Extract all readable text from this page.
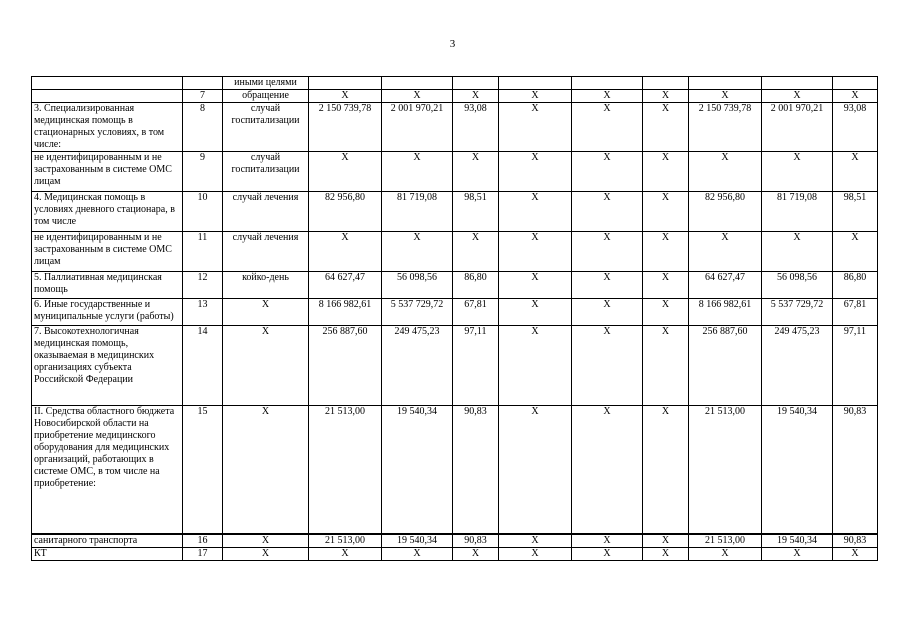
3
		иными целями									
	7	обращение	Х	Х	Х	Х	Х	Х	Х	Х	Х
3. Специализированная медицинская помощь в стационарных условиях, в том числе:	8	случай госпитализации	2 150 739,78	2 001 970,21	93,08	Х	Х	Х	2 150 739,78	2 001 970,21	93,08
не идентифицированным и не застрахованным в системе ОМС лицам	9	случай госпитализации	Х	Х	Х	Х	Х	Х	Х	Х	Х
4. Медицинская помощь в условиях дневного стационара, в том числе	10	случай лечения	82 956,80	81 719,08	98,51	Х	Х	Х	82 956,80	81 719,08	98,51
не идентифицированным и не застрахованным в системе ОМС лицам	11	случай лечения	Х	Х	Х	Х	Х	Х	Х	Х	Х
5. Паллиативная медицинская помощь	12	койко-день	64 627,47	56 098,56	86,80	Х	Х	Х	64 627,47	56 098,56	86,80
6. Иные государственные и муниципальные услуги (работы)	13	Х	8 166 982,61	5 537 729,72	67,81	Х	Х	Х	8 166 982,61	5 537 729,72	67,81
7. Высокотехнологичная медицинская помощь, оказываемая в медицинских организациях субъекта Российской Федерации	14	Х	256 887,60	249 475,23	97,11	Х	Х	Х	256 887,60	249 475,23	97,11
II. Средства областного бюджета Новосибирской области на приобретение медицинского оборудования для медицинских организаций, работающих в системе ОМС, в том числе на приобретение:	15	Х	21 513,00	19 540,34	90,83	Х	Х	Х	21 513,00	19 540,34	90,83
санитарного транспорта	16	Х	21 513,00	19 540,34	90,83	Х	Х	Х	21 513,00	19 540,34	90,83
КТ	17	Х	Х	Х	Х	Х	Х	Х	Х	Х	Х
